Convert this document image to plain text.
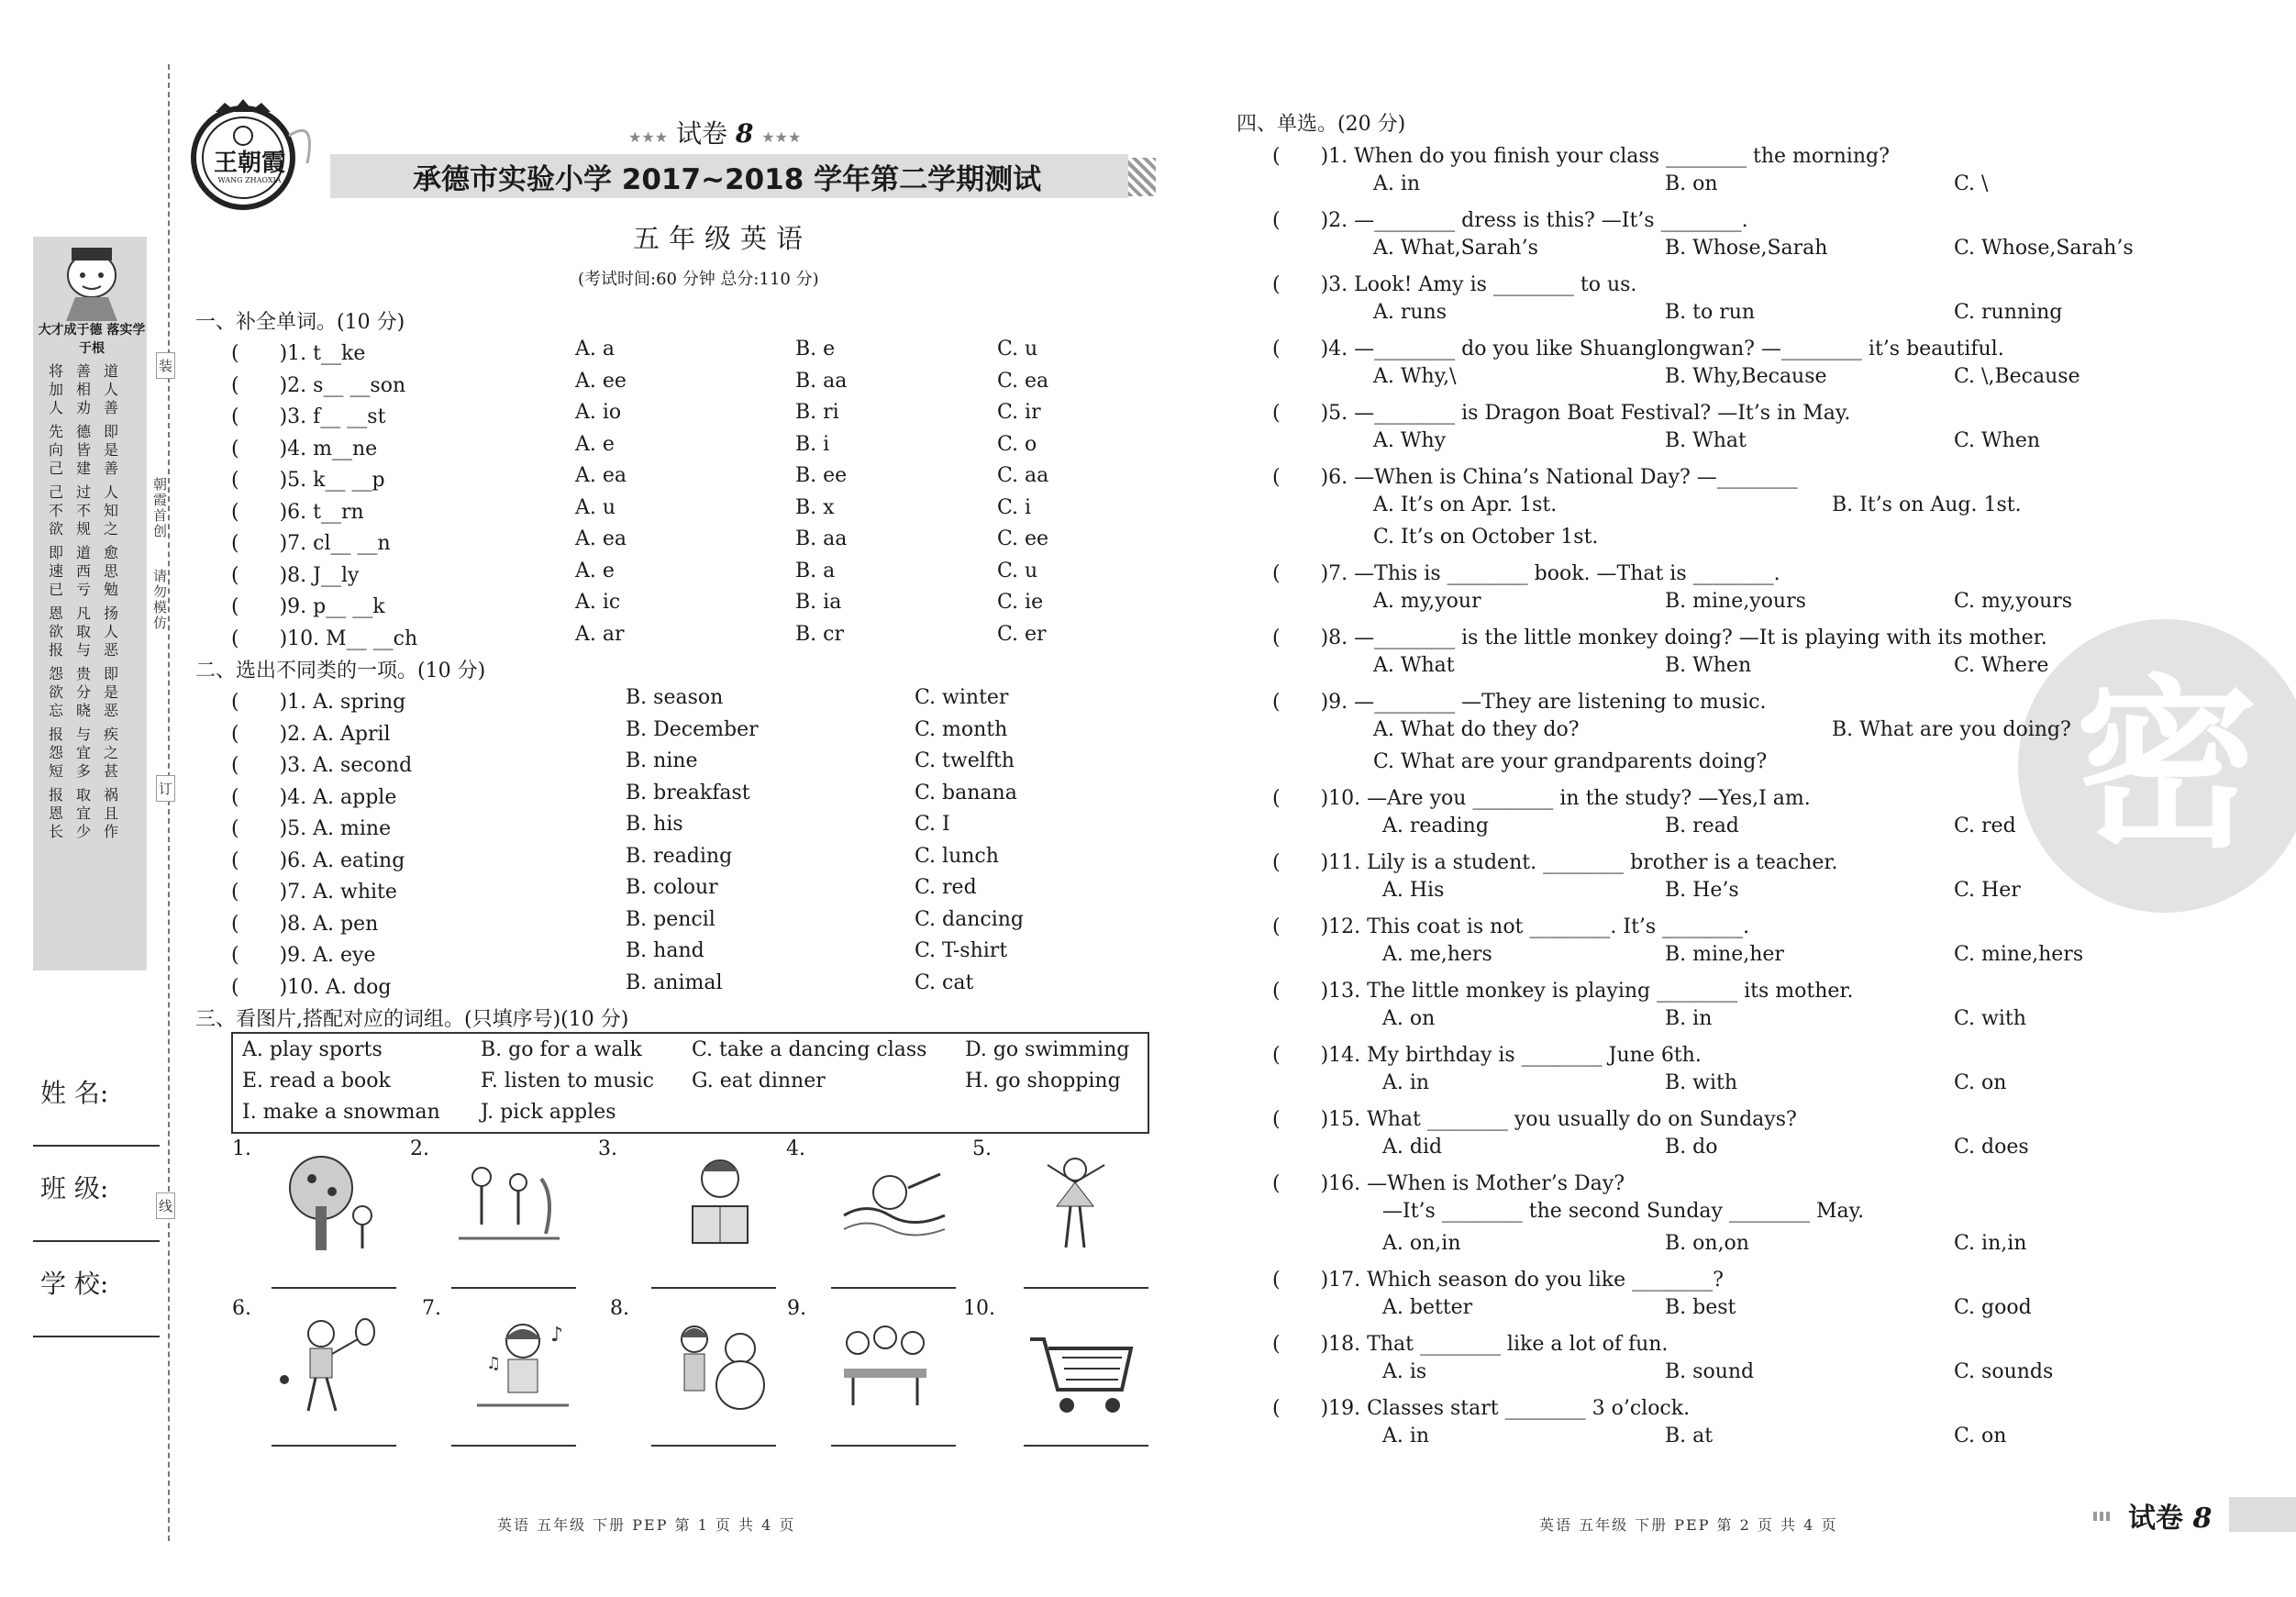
大才成于德 落实学于根
将善道 加相人 人劝善
先德即 向皆是 己建善
己过人 不不知 欲规之
即道愈 速西思 已亏勉
恩凡扬 欲取人 报与恶
怨贵即 欲分是 忘晓恶
报与疾 怨宜之 短多甚
报取祸 恩宜且 长少作
装
朝霞首创
请勿模仿
订
线
姓 名:
班 级:
学 校:
王朝霞
WANG ZHAOXIA
★★★ 试卷 8 ★★★
承德市实验小学 2017~2018 学年第二学期测试
五年级英语
(考试时间:60 分钟 总分:110 分)
一、补全单词。(10 分)
(　　)1. t__ke	A. a	B. e	C. u
(　　)2. s__ __son	A. ee	B. aa	C. ea
(　　)3. f__ __st	A. io	B. ri	C. ir
(　　)4. m__ne	A. e	B. i	C. o
(　　)5. k__ __p	A. ea	B. ee	C. aa
(　　)6. t__rn	A. u	B. x	C. i
(　　)7. cl__ __n	A. ea	B. aa	C. ee
(　　)8. J__ly	A. e	B. a	C. u
(　　)9. p__ __k	A. ic	B. ia	C. ie
(　　)10. M__ __ch	A. ar	B. cr	C. er
二、选出不同类的一项。(10 分)
(　　)1. A. spring	B. season	C. winter
(　　)2. A. April	B. December	C. month
(　　)3. A. second	B. nine	C. twelfth
(　　)4. A. apple	B. breakfast	C. banana
(　　)5. A. mine	B. his	C. I
(　　)6. A. eating	B. reading	C. lunch
(　　)7. A. white	B. colour	C. red
(　　)8. A. pen	B. pencil	C. dancing
(　　)9. A. eye	B. hand	C. T-shirt
(　　)10. A. dog	B. animal	C. cat
三、看图片,搭配对应的词组。(只填序号)(10 分)
A. play sports	B. go for a walk C. take a dancing class D. go swimming
E. read a book	F. listen to music G. eat dinner	H. go shopping
I. make a snowman J. pick apples
1.	2.	3.	4.	5.
6.	7.
♪
♫
8.	9.	10.
英语 五年级 下册 PEP 第 1 页 共 4 页
密
四、单选。(20 分)
(　　)1. When do you finish your class ________ the morning?
A. in	B. on	C. \
(　　)2. —________ dress is this? —It’s ________.
A. What,Sarah’s	B. Whose,Sarah	C. Whose,Sarah’s
(　　)3. Look! Amy is ________ to us.
A. runs	B. to run	C. running
(　　)4. —________ do you like Shuanglongwan? —________ it’s beautiful.
A. Why,\	B. Why,Because	C. \,Because
(　　)5. —________ is Dragon Boat Festival? —It’s in May.
A. Why	B. What	C. When
(　　)6. —When is China’s National Day? —________
A. It’s on Apr. 1st.	B. It’s on Aug. 1st.
C. It’s on October 1st.
(　　)7. —This is ________ book. —That is ________.
A. my,your	B. mine,yours	C. my,yours
(　　)8. —________ is the little monkey doing? —It is playing with its mother.
A. What	B. When	C. Where
(　　)9. —________ —They are listening to music.
A. What do they do?	B. What are you doing?
C. What are your grandparents doing?
(　　)10. —Are you ________ in the study? —Yes,I am.
A. reading	B. read	C. red
(　　)11. Lily is a student. ________ brother is a teacher.
A. His	B. He’s	C. Her
(　　)12. This coat is not ________. It’s ________.
A. me,hers	B. mine,her	C. mine,hers
(　　)13. The little monkey is playing ________ its mother.
A. on	B. in	C. with
(　　)14. My birthday is ________ June 6th.
A. in	B. with	C. on
(　　)15. What ________ you usually do on Sundays?
A. did	B. do	C. does
(　　)16. —When is Mother’s Day?
—It’s ________ the second Sunday ________ May.
A. on,in	B. on,on	C. in,in
(　　)17. Which season do you like ________?
A. better	B. best	C. good
(　　)18. That ________ like a lot of fun.
A. is	B. sound	C. sounds
(　　)19. Classes start ________ 3 o’clock.
A. in	B. at	C. on
英语 五年级 下册 PEP 第 2 页 共 4 页	试卷 8
